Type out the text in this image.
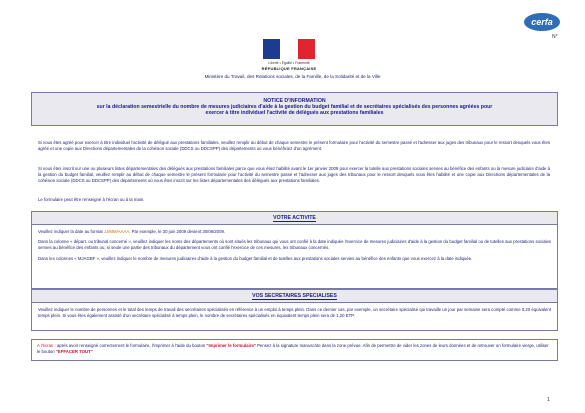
cerfa
N°
Liberté • Égalité • Fraternité
RÉPUBLIQUE FRANÇAISE
Ministère du Travail, des Relations sociales, de la Famille, de la Solidarité et de la Ville
NOTICE D'INFORMATION
sur la déclaration semestrielle du nombre de mesures judiciaires d'aide à la gestion du budget familial et de secrétaires spécialisés des personnes agréées pour
exercer à titre individuel l'activité de délégués aux prestations familiales
Si vous êtes agréé pour exercer à titre individuel l'activité de délégué aux prestations familiales, veuillez remplir au début de chaque semestre le présent formulaire pour l'activité du semestre passé et l'adresser aux juges des tribunaux pour le ressort desquels vous êtes agréé et une copie aux Directions départementales de la cohésion sociale (DDCS ou DDCSPP) des départements où vous bénéficiez d'un agrément.
Si vous êtes inscrit sur une ou plusieurs listes départementales des délégués aux prestations familiales parce que vous étiez habilité avant le 1er janvier 2009 pour exercer la tutelle aux prestations sociales servies au bénéfice des enfants ou la mesure judiciaire d'aide à la gestion du budget familial, veuillez remplir au début de chaque semestre le présent formulaire pour l'activité du semestre passé et l'adresser aux juges des tribunaux pour le ressort desquels vous êtes habilité et une copie aux Directions départementales de la cohésion sociale (DDCS ou DDCSPP) des départements où vous êtes inscrit sur les listes départementales des délégués aux prestations familiales.
Le formulaire peut être renseigné à l'écran ou à la main.
VOTRE ACTIVITE

Veuillez indiquer la date au format JJ/MM/AAAA. Par exemple, le 30 juin 2009 devient 30/06/2009.

Dans la colonne « départ. ou tribunal concerné », veuillez indiquer les noms des départements où sont situés les tribunaux qui vous ont confié à la date indiquée l'exercice de mesures judiciaires d'aide à la gestion du budget familial ou de tutelles aux prestations sociales servies au bénéfice des enfants ou, si seule une partie des tribunaux du département vous ont confié l'exercice de ces mesures, les tribunaux concernés.

Dans les colonnes « MJAGBF », veuillez indiquer le nombre de mesures judiciaires d'aide à la gestion du budget familial et de tutelles aux prestations sociales servies au bénéfice des enfants que vous exercez à la date indiquée.

VOS SECRETAIRES SPECIALISES

Veuillez indiquer le nombre de personnes et le total des temps de travail des secrétaires spécialisés en référence à un emploi à temps plein. Dans ce dernier cas, par exemple, un secrétaire spécialisé qui travaille un jour par semaine sera compté comme 0,20 équivalent temps plein. Si vous êtes également assisté d'un secrétaire spécialisé à temps plein, le nombre de secrétaires spécialisés en équivalent temps plein sera de 1,20 ETP.

A l'écran : après avoir renseigné correctement le formulaire, l'imprimer à l'aide du bouton "Imprimer le formulaire" Pensez à la signature manuscrite dans la zone prévue. Afin de permettre de vider les zones de leurs données et de retrouver un formulaire vierge, utiliser le bouton "EFFACER TOUT"
1
